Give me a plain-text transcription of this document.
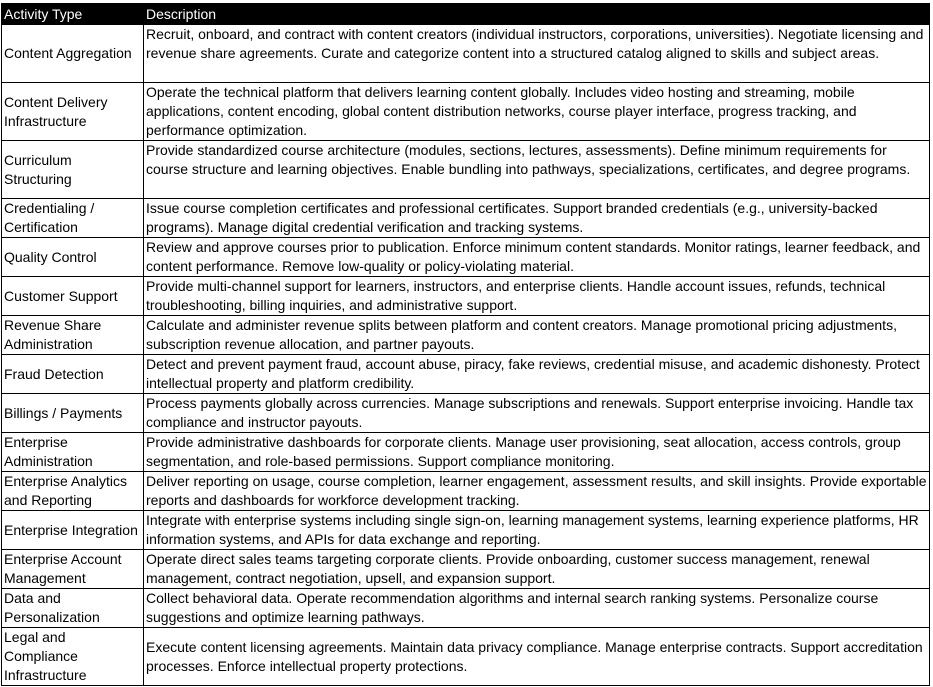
Activity Type	Description
Content Aggregation	Recruit, onboard, and contract with content creators (individual instructors, corporations, universities). Negotiate licensing and revenue share agreements. Curate and categorize content into a structured catalog aligned to skills and subject areas.
Content Delivery Infrastructure	Operate the technical platform that delivers learning content globally. Includes video hosting and streaming, mobile applications, content encoding, global content distribution networks, course player interface, progress tracking, and performance optimization.
Curriculum Structuring	Provide standardized course architecture (modules, sections, lectures, assessments). Define minimum requirements for course structure and learning objectives. Enable bundling into pathways, specializations, certificates, and degree programs.
Credentialing / Certification	Issue course completion certificates and professional certificates. Support branded credentials (e.g., university-backed programs). Manage digital credential verification and tracking systems.
Quality Control	Review and approve courses prior to publication. Enforce minimum content standards. Monitor ratings, learner feedback, and content performance. Remove low-quality or policy-violating material.
Customer Support	Provide multi-channel support for learners, instructors, and enterprise clients. Handle account issues, refunds, technical troubleshooting, billing inquiries, and administrative support.
Revenue Share Administration	Calculate and administer revenue splits between platform and content creators. Manage promotional pricing adjustments, subscription revenue allocation, and partner payouts.
Fraud Detection	Detect and prevent payment fraud, account abuse, piracy, fake reviews, credential misuse, and academic dishonesty. Protect intellectual property and platform credibility.
Billings / Payments	Process payments globally across currencies. Manage subscriptions and renewals. Support enterprise invoicing. Handle tax compliance and instructor payouts.
Enterprise Administration	Provide administrative dashboards for corporate clients. Manage user provisioning, seat allocation, access controls, group segmentation, and role-based permissions. Support compliance monitoring.
Enterprise Analytics and Reporting	Deliver reporting on usage, course completion, learner engagement, assessment results, and skill insights. Provide exportable reports and dashboards for workforce development tracking.
Enterprise Integration	Integrate with enterprise systems including single sign-on, learning management systems, learning experience platforms, HR information systems, and APIs for data exchange and reporting.
Enterprise Account Management	Operate direct sales teams targeting corporate clients. Provide onboarding, customer success management, renewal management, contract negotiation, upsell, and expansion support.
Data and Personalization	Collect behavioral data. Operate recommendation algorithms and internal search ranking systems. Personalize course suggestions and optimize learning pathways.
Legal and Compliance Infrastructure	Execute content licensing agreements. Maintain data privacy compliance. Manage enterprise contracts. Support accreditation processes. Enforce intellectual property protections.
